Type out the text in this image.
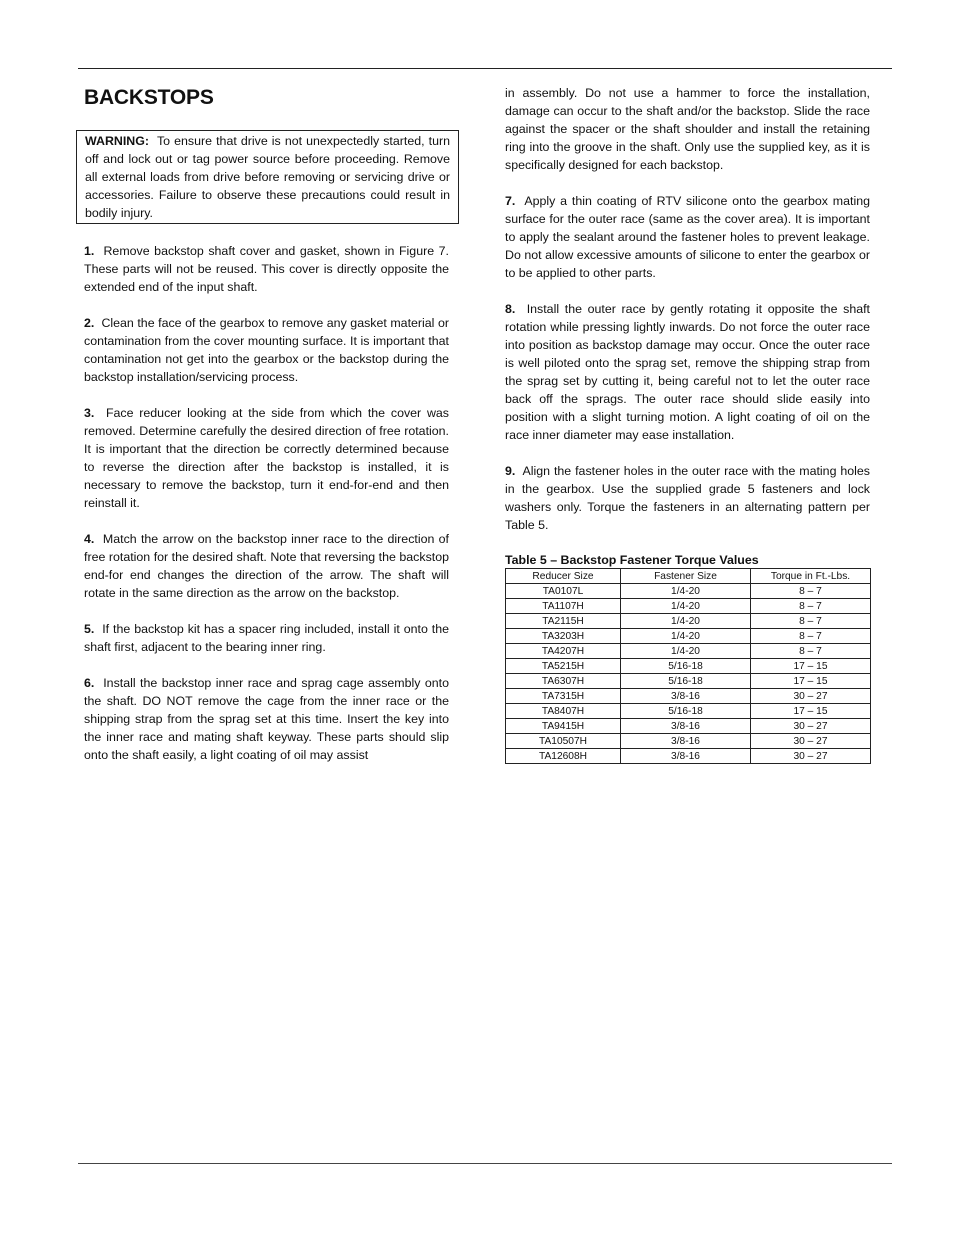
BACKSTOPS
WARNING: To ensure that drive is not unexpectedly started, turn off and lock out or tag power source before proceeding. Remove all external loads from drive before removing or servicing drive or accessories. Failure to observe these precautions could result in bodily injury.

1. Remove backstop shaft cover and gasket, shown in Figure 7. These parts will not be reused. This cover is directly opposite the extended end of the input shaft.

2. Clean the face of the gearbox to remove any gasket material or contamination from the cover mounting surface. It is important that contamination not get into the gearbox or the backstop during the backstop installation/servicing process.

3. Face reducer looking at the side from which the cover was removed. Determine carefully the desired direction of free rotation. It is important that the direction be correctly determined because to reverse the direction after the backstop is installed, it is necessary to remove the backstop, turn it end-for-end and then reinstall it.

4. Match the arrow on the backstop inner race to the direction of free rotation for the desired shaft. Note that reversing the backstop end-for end changes the direction of the arrow. The shaft will rotate in the same direction as the arrow on the backstop.

5. If the backstop kit has a spacer ring included, install it onto the shaft first, adjacent to the bearing inner ring.

6. Install the backstop inner race and sprag cage assembly onto the shaft. DO NOT remove the cage from the inner race or the shipping strap from the sprag set at this time. Insert the key into the inner race and mating shaft keyway. These parts should slip onto the shaft easily, a light coating of oil may assist

in assembly. Do not use a hammer to force the installation, damage can occur to the shaft and/or the backstop. Slide the race against the spacer or the shaft shoulder and install the retaining ring into the groove in the shaft. Only use the supplied key, as it is specifically designed for each backstop.

7. Apply a thin coating of RTV silicone onto the gearbox mating surface for the outer race (same as the cover area). It is important to apply the sealant around the fastener holes to prevent leakage. Do not allow excessive amounts of silicone to enter the gearbox or to be applied to other parts.

8. Install the outer race by gently rotating it opposite the shaft rotation while pressing lightly inwards. Do not force the outer race into position as backstop damage may occur. Once the outer race is well piloted onto the sprag set, remove the shipping strap from the sprag set by cutting it, being careful not to let the outer race back off the sprags. The outer race should slide easily into position with a slight turning motion. A light coating of oil on the race inner diameter may ease installation.

9. Align the fastener holes in the outer race with the mating holes in the gearbox. Use the supplied grade 5 fasteners and lock washers only. Torque the fasteners in an alternating pattern per Table 5.

Table 5 – Backstop Fastener Torque Values
Reducer Size	Fastener Size	Torque in Ft.-Lbs.
TA0107L	1/4-20	8 – 7
TA1107H	1/4-20	8 – 7
TA2115H	1/4-20	8 – 7
TA3203H	1/4-20	8 – 7
TA4207H	1/4-20	8 – 7
TA5215H	5/16-18	17 – 15
TA6307H	5/16-18	17 – 15
TA7315H	3/8-16	30 – 27
TA8407H	5/16-18	17 – 15
TA9415H	3/8-16	30 – 27
TA10507H	3/8-16	30 – 27
TA12608H	3/8-16	30 – 27
